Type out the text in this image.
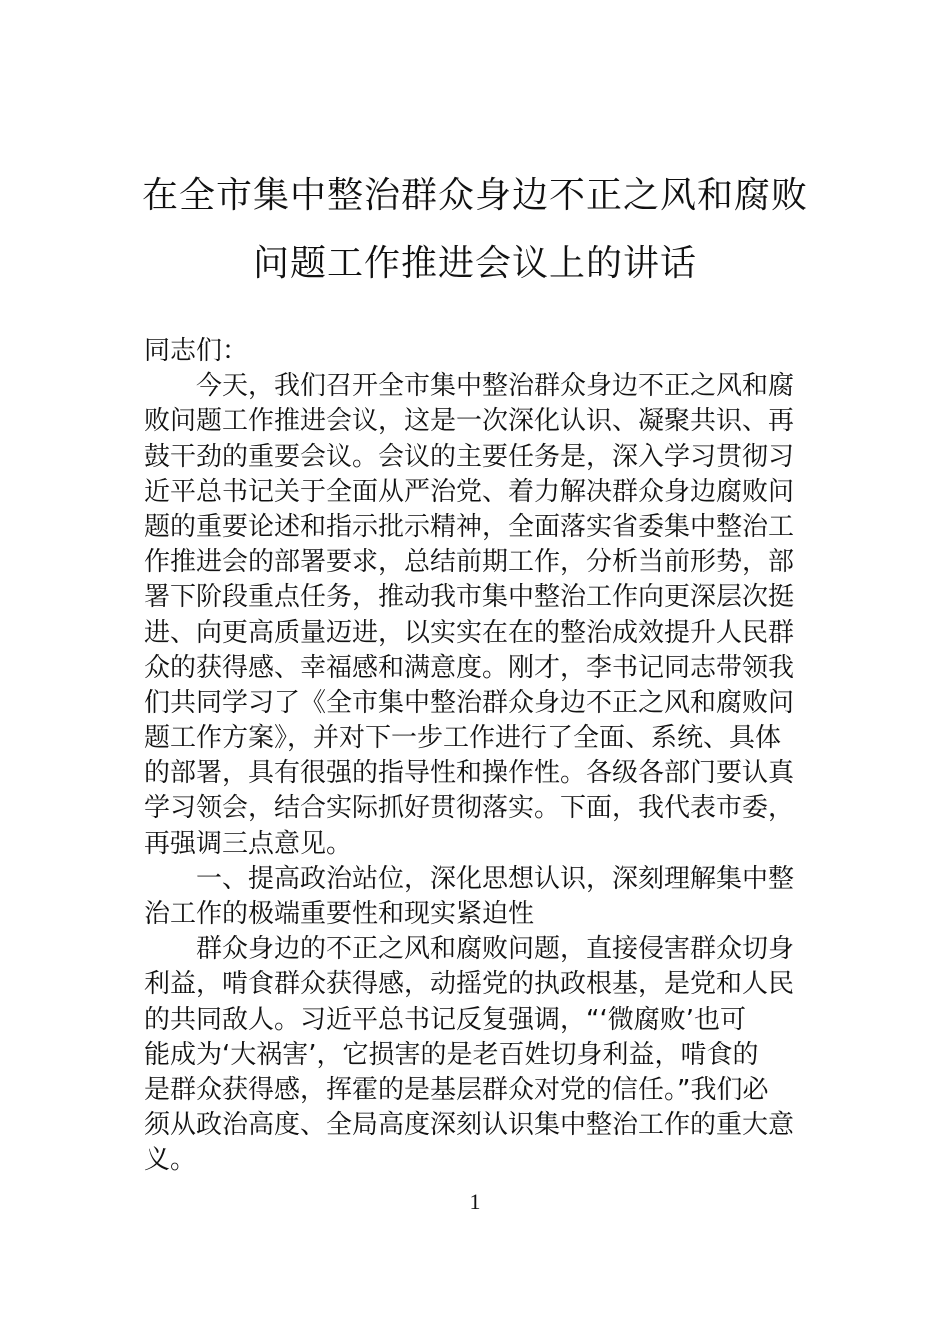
在全市集中整治群众身边不正之风和腐败
问题工作推进会议上的讲话
同志们：
今天，我们召开全市集中整治群众身边不正之风和腐
败问题工作推进会议，这是一次深化认识、凝聚共识、再
鼓干劲的重要会议。会议的主要任务是，深入学习贯彻习
近平总书记关于全面从严治党、着力解决群众身边腐败问
题的重要论述和指示批示精神，全面落实省委集中整治工
作推进会的部署要求，总结前期工作，分析当前形势，部
署下阶段重点任务，推动我市集中整治工作向更深层次挺
进、向更高质量迈进，以实实在在的整治成效提升人民群
众的获得感、幸福感和满意度。刚才，李书记同志带领我
们共同学习了《全市集中整治群众身边不正之风和腐败问
题工作方案》，并对下一步工作进行了全面、系统、具体
的部署，具有很强的指导性和操作性。各级各部门要认真
学习领会，结合实际抓好贯彻落实。下面，我代表市委，
再强调三点意见。
一、提高政治站位，深化思想认识，深刻理解集中整
治工作的极端重要性和现实紧迫性
群众身边的不正之风和腐败问题，直接侵害群众切身
利益，啃食群众获得感，动摇党的执政根基，是党和人民
的共同敌人。习近平总书记反复强调，“‘微腐败’也可
能成为‘大祸害’，它损害的是老百姓切身利益，啃食的
是群众获得感，挥霍的是基层群众对党的信任。”我们必
须从政治高度、全局高度深刻认识集中整治工作的重大意
义。
1
